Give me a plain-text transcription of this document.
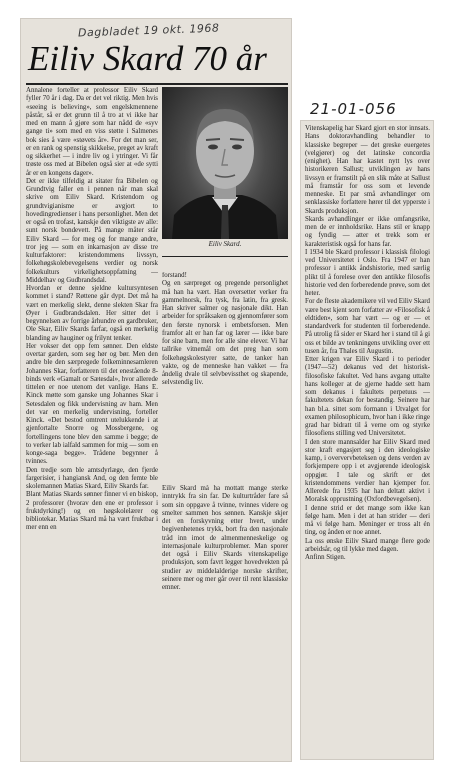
Dagbladet 19 okt. 1968
21-01-056
Eiliv Skard 70 år
Annalene forteller at professor Eiliv Skard fyller 70 år i dag. Da er det vel riktig. Men hvis «seeing is believing», som engelskmennene påstår, så er det grunn til å tro at vi ikke har med en mann å gjøre som har nådd de «syv gange ti» som med en viss støtte i Salmenes bok sies å være «støvets år». For det man ser, er en rank og spenstig skikkelse, preget av kraft og sikkerhet — i indre liv og i ytringer. Vi får trøste oss med at Bibelen også sier at «de sytti år er en kongens dager».
Det er ikke tilfeldig at sitater fra Bibelen og Grundtvig faller en i pennen når man skal skrive om Eiliv Skard. Kristendom og grundtvigianisme er avgjort to hovedingredienser i hans personlighet. Men det er også en trofast, kanskje den viktigste av alle: sunt norsk bondevett. På mange måter står Eiliv Skard — for meg og for mange andre, tror jeg — som en inkarnasjon av disse tre kulturfaktorer: kristendommens livssyn, folkehøgskolebevegelsens verdier og norsk folkekulturs virkelighetsoppfatning — Middelhav og Gudbrandsdal.
Hvordan er denne sjeldne kultursyntesen kommet i stand? Røttene går dypt. Det må ha vært en merkelig slekt, denne slekten Skar fra Øyer i Gudbrandsdalen. Her sitter det i begynnelsen av forrige århundre en gardbruker, Ole Skar, Eiliv Skards farfar, også en merkelig blanding av hauginer og frilynt tenker.
Her vokser det opp fem sønner. Den eldste overtar garden, som seg hør og bør. Men den andre ble den særpregede folkeminnesamleren Johannes Skar, forfatteren til det enestående 8-binds verk «Gamalt or Sætesdal», hvor allerede tittelen er noe utenom det vanlige. Hans E. Kinck møtte som ganske ung Johannes Skar i Setesdalen og fikk undervisning av ham. Men det var en merkelig undervisning, forteller Kinck. «Det bestod omtrent utelukkende i at gjenfortalte Snorre og Mossbergene, og fortellingens tone blev den samme i begge; de to verker lab ialfald sammen for mig — som en konge-saga begge». Trådene begynner å tvinnes.
Den tredje som ble amtsdyrlæge, den fjerde fargerisier, i hangiansk And, og den femte ble skolemannen Matias Skard, Eiliv Skards far.
Blant Matias Skards sønner finner vi en biskop, 2 professorer (hvorav den ene er professor i fruktdyrking!) og en høgskolelærer og bibliotekar. Matias Skard må ha vært fruktbar i mer enn en
Eiliv Skard.
forstand!
Og en særpreget og pregende personlighet må han ha vært. Han oversetter verker fra gammelnorsk, fra tysk, fra latin, fra gresk. Han skriver salmer og nasjonale dikt. Han arbeider for språksaken og gjennomfører som den første nynorsk i embetsforsen. Men framfor alt er han far og lærer — ikke bare for sine barn, men for alle sine elever. Vi har tallrike vitnemål om det preg han som folkehøgskolestyrer satte, de tanker han vakte, og de menneske han vakket — fra åndelig dvale til selvbevissthet og skapende, selvstendig liv.
Eiliv Skard må ha mottatt mange sterke inntrykk fra sin far. De kulturtråder fare så som sin oppgave å tvinne, tvinnes videre og smelter sammen hos sønnen. Kanskje skjer det en forskyvning etter hvert, under begivenhetenes trykk, bort fra den nasjonale tråd inn imot de almenmenneskelige og internasjonale kulturproblemer. Man sporer det også i Eiliv Skards vitenskapelige produksjon, som favrt legger hovedvekten på studier av middelalderige norske skrifter, seinere mer og mer går over til rent klassiske emner.
Vitenskapelig har Skard gjort en stor innsats. Hans doktoravhandling behandler to klassiske begreper — det greske euergetes (velgjører) og det latinske concordia (enighet). Han har kastet nytt lys over historikeren Sallust; utviklingen av hans livssyn er framstilt på en slik måte at Sallust må framstår for oss som et levende menneske. Et par små avhandlinger om senklassiske forfattere hører til det ypperste i Skards produksjon.
Skards avhandlinger er ikke omfangsrike, men de er innholdsrike. Hans stil er knapp og fyndig — atter et trekk som er karakteristisk også for hans far.
I 1934 ble Skard professor i klassisk filologi ved Universitetet i Oslo. Fra 1947 er han professor i antikk åndshistorie, med særlig plikt til å forelese over den antikke filosofis historie ved den forberedende prøve, som det heter.
For de fleste akademikere vil ved Eiliv Skard være best kjent som forfatter av «Filosofisk å eldtiden», som har vært — og er — et standardverk for studenten til forberedende. På utrolig få sider er Skard her i stand til å gi oss et bilde av tenkningens utvikling over ett tusen år, fra Thales til Augustin.
Etter krigen var Eiliv Skard i to perioder (1947—52) dekanus ved det historisk-filosofiske fakultet. Ved hans avgang uttalte hans kolleger at de gjerne hadde sett ham som dekanus i fakultets perpetuus — fakultetets dekan for bestandig. Seinere har han bl.a. sittet som formann i Utvalget for examen philosophicum, hvor han i ikke ringe grad har bidratt til å verne om og styrke filosofiens stilling ved Universitetet.
I den store mannsalder har Eiliv Skard med stor kraft engasjert seg i den ideologiske kamp, i oververvbeteksen og dens verden av forkjempere opp i et avgjørende ideologisk oppgjør. I tale og skrift er det kristendommens verdier han kjemper for. Allerede fra 1935 har han deltatt aktivt i Moralsk opprustning (Oxfordbevegelsen).
I denne strid er det mange som ikke kan følge ham. Men i det at han strider — deri må vi følge ham. Meninger er tross alt én ting, og ånden er noe annet.
La oss ønske Eiliv Skard mange flere gode arbeidsår, og til lykke med dagen.
Anfinn Stigen.
